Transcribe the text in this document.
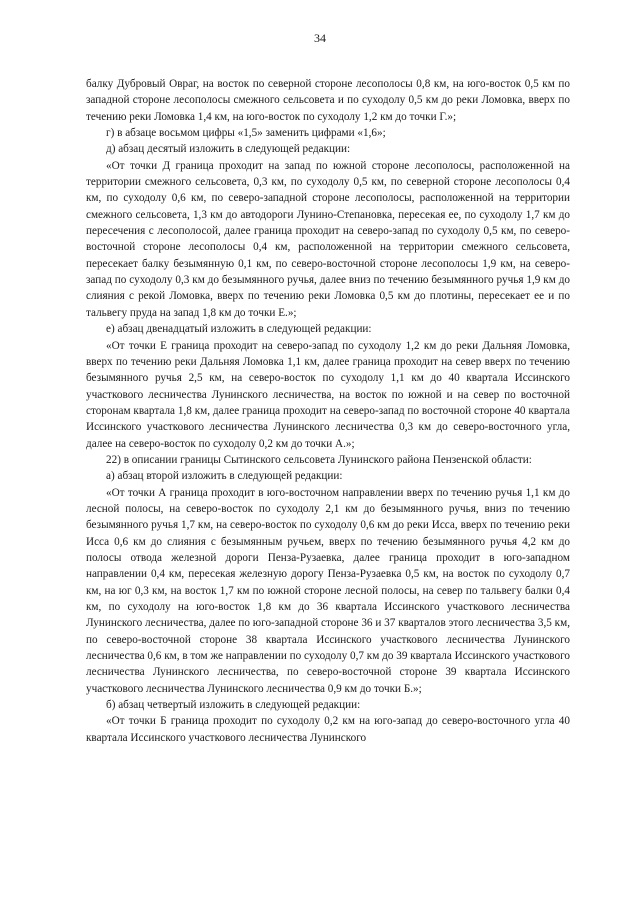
34

балку Дубровый Овраг, на восток по северной стороне лесополосы 0,8 км, на юго-восток 0,5 км по западной стороне лесополосы смежного сельсовета и по суходолу 0,5 км до реки Ломовка, вверх по течению реки Ломовка 1,4 км, на юго-восток по суходолу 1,2 км до точки Г.»;

г) в абзаце восьмом цифры «1,5» заменить цифрами «1,6»;

д) абзац десятый изложить в следующей редакции:

«От точки Д граница проходит на запад по южной стороне лесополосы, расположенной на территории смежного сельсовета, 0,3 км, по суходолу 0,5 км, по северной стороне лесополосы 0,4 км, по суходолу 0,6 км, по северо-западной стороне лесополосы, расположенной на территории смежного сельсовета, 1,3 км до автодороги Лунино-Степановка, пересекая ее, по суходолу 1,7 км до пересечения с лесополосой, далее граница проходит на северо-запад по суходолу 0,5 км, по северо-восточной стороне лесополосы 0,4 км, расположенной на территории смежного сельсовета, пересекает балку безымянную 0,1 км, по северо-восточной стороне лесополосы 1,9 км, на северо-запад по суходолу 0,3 км до безымянного ручья, далее вниз по течению безымянного ручья 1,9 км до слияния с рекой Ломовка, вверх по течению реки Ломовка 0,5 км до плотины, пересекает ее и по тальвегу пруда на запад 1,8 км до точки Е.»;

е) абзац двенадцатый изложить в следующей редакции:

«От точки Е граница проходит на северо-запад по суходолу 1,2 км до реки Дальняя Ломовка, вверх по течению реки Дальняя Ломовка 1,1 км, далее граница проходит на север вверх по течению безымянного ручья 2,5 км, на северо-восток по суходолу 1,1 км до 40 квартала Иссинского участкового лесничества Лунинского лесничества, на восток по южной и на север по восточной сторонам квартала 1,8 км, далее граница проходит на северо-запад по восточной стороне 40 квартала Иссинского участкового лесничества Лунинского лесничества 0,3 км до северо-восточного угла, далее на северо-восток по суходолу 0,2 км до точки А.»;

22) в описании границы Сытинского сельсовета Лунинского района Пензенской области:

а) абзац второй изложить в следующей редакции:

«От точки А граница проходит в юго-восточном направлении вверх по течению ручья 1,1 км до лесной полосы, на северо-восток по суходолу 2,1 км до безымянного ручья, вниз по течению безымянного ручья 1,7 км, на северо-восток по суходолу 0,6 км до реки Исса, вверх по течению реки Исса 0,6 км до слияния с безымянным ручьем, вверх по течению безымянного ручья 4,2 км до полосы отвода железной дороги Пенза-Рузаевка, далее граница проходит в юго-западном направлении 0,4 км, пересекая железную дорогу Пенза-Рузаевка 0,5 км, на восток по суходолу 0,7 км, на юг 0,3 км, на восток 1,7 км по южной стороне лесной полосы, на север по тальвегу балки 0,4 км, по суходолу на юго-восток 1,8 км до 36 квартала Иссинского участкового лесничества Лунинского лесничества, далее по юго-западной стороне 36 и 37 кварталов этого лесничества 3,5 км, по северо-восточной стороне 38 квартала Иссинского участкового лесничества Лунинского лесничества 0,6 км, в том же направлении по суходолу 0,7 км до 39 квартала Иссинского участкового лесничества Лунинского лесничества, по северо-восточной стороне 39 квартала Иссинского участкового лесничества Лунинского лесничества 0,9 км до точки Б.»;

б) абзац четвертый изложить в следующей редакции:

«От точки Б граница проходит по суходолу 0,2 км на юго-запад до северо-восточного угла 40 квартала Иссинского участкового лесничества Лунинского
